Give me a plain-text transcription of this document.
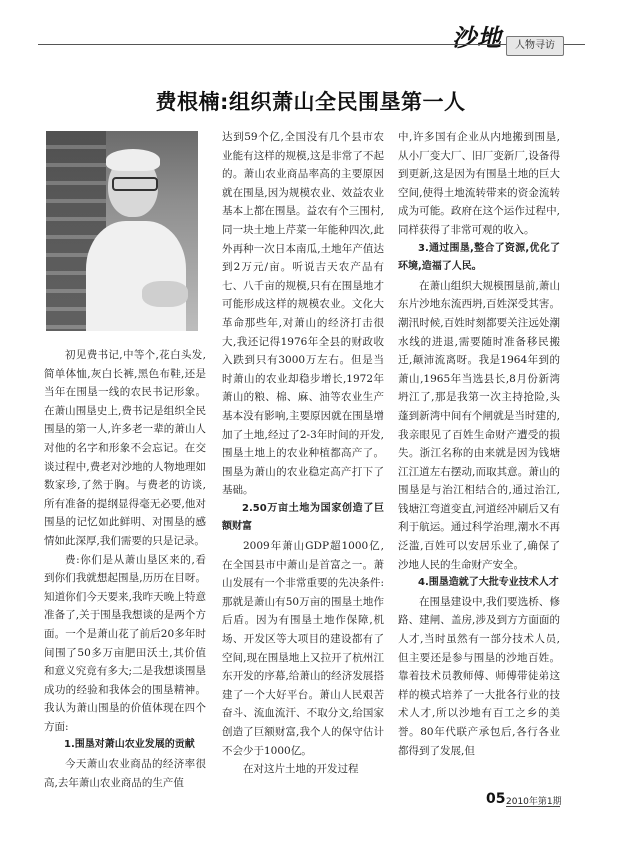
沙地	人物寻访
费根楠:组织萧山全民围垦第一人

初见费书记,中等个,花白头发,简单体恤,灰白长裤,黑色布鞋,还是当年在围垦一线的农民书记形象。在萧山围垦史上,费书记是组织全民围垦的第一人,许多老一辈的萧山人对他的名字和形象不会忘记。在交谈过程中,费老对沙地的人物地理如数家珍,了然于胸。与费老的访谈,所有准备的提纲显得毫无必要,他对围垦的记忆如此鲜明、对围垦的感情如此深厚,我们需要的只是记录。

费:你们是从萧山垦区来的,看到你们我就想起围垦,历历在目呀。知道你们今天要来,我昨天晚上特意准备了,关于围垦我想谈的是两个方面。一个是萧山花了前后20多年时间围了50多万亩肥田沃土,其价值和意义究竟有多大;二是我想谈围垦成功的经验和我体会的围垦精神。我认为萧山围垦的价值体现在四个方面:

1.围垦对萧山农业发展的贡献

今天萧山农业商品的经济率很高,去年萧山农业商品的生产值

达到59个亿,全国没有几个县市农业能有这样的规模,这是非常了不起的。萧山农业商品率高的主要原因就在围垦,因为规模农业、效益农业基本上都在围垦。益农有个三围村,同一块土地上芹菜一年能种四次,此外再种一次日本南瓜,土地年产值达到2万元/亩。听说吉天农产品有七、八千亩的规模,只有在围垦地才可能形成这样的规模农业。文化大革命那些年,对萧山的经济打击很大,我还记得1976年全县的财政收入跌到只有3000万左右。但是当时萧山的农业却稳步增长,1972年萧山的粮、棉、麻、油等农业生产基本没有影响,主要原因就在围垦增加了土地,经过了2-3年时间的开发,围垦土地上的农业种植都高产了。围垦为萧山的农业稳定高产打下了基础。

2.50万亩土地为国家创造了巨额财富

2009年萧山GDP超1000亿,在全国县市中萧山是首富之一。萧山发展有一个非常重要的先决条件:那就是萧山有50万亩的围垦土地作后盾。因为有围垦土地作保障,机场、开发区等大项目的建设都有了空间,现在围垦地上又拉开了杭州江东开发的序幕,给萧山的经济发展搭建了一个大好平台。萧山人民艰苦奋斗、流血流汗、不取分文,给国家创造了巨额财富,我个人的保守估计不会少于1000亿。

在对这片土地的开发过程

中,许多国有企业从内地搬到围垦,从小厂变大厂、旧厂变新厂,设备得到更新,这是因为有围垦土地的巨大空间,使得土地流转带来的资金流转成为可能。政府在这个运作过程中,同样获得了非常可观的收入。

3.通过围垦,整合了资源,优化了环境,造福了人民。

在萧山组织大规模围垦前,萧山东片沙地东流西坍,百姓深受其害。潮汛时候,百姓时刻都要关注远处潮水线的进退,需要随时准备移民搬迁,颠沛流离呀。我是1964年到的萧山,1965年当选县长,8月份新湾坍江了,那是我第一次主持抢险,头蓬到新湾中间有个闸就是当时建的,我亲眼见了百姓生命财产遭受的损失。浙江名称的由来就是因为钱塘江江道左右摆动,而取其意。萧山的围垦是与治江相结合的,通过治江,钱塘江弯道变直,河道经冲刷后又有利于航运。通过科学治理,潮水不再泛滥,百姓可以安居乐业了,确保了沙地人民的生命财产安全。

4.围垦造就了大批专业技术人才

在围垦建设中,我们要选桥、修路、建闸、盖房,涉及到方方面面的人才,当时虽然有一部分技术人员,但主要还是参与围垦的沙地百姓。靠着技术员教师傅、师傅带徒弟这样的模式培养了一大批各行业的技术人才,所以沙地有百工之乡的美誉。80年代联产承包后,各行各业都得到了发展,但

05 2010年第1期
